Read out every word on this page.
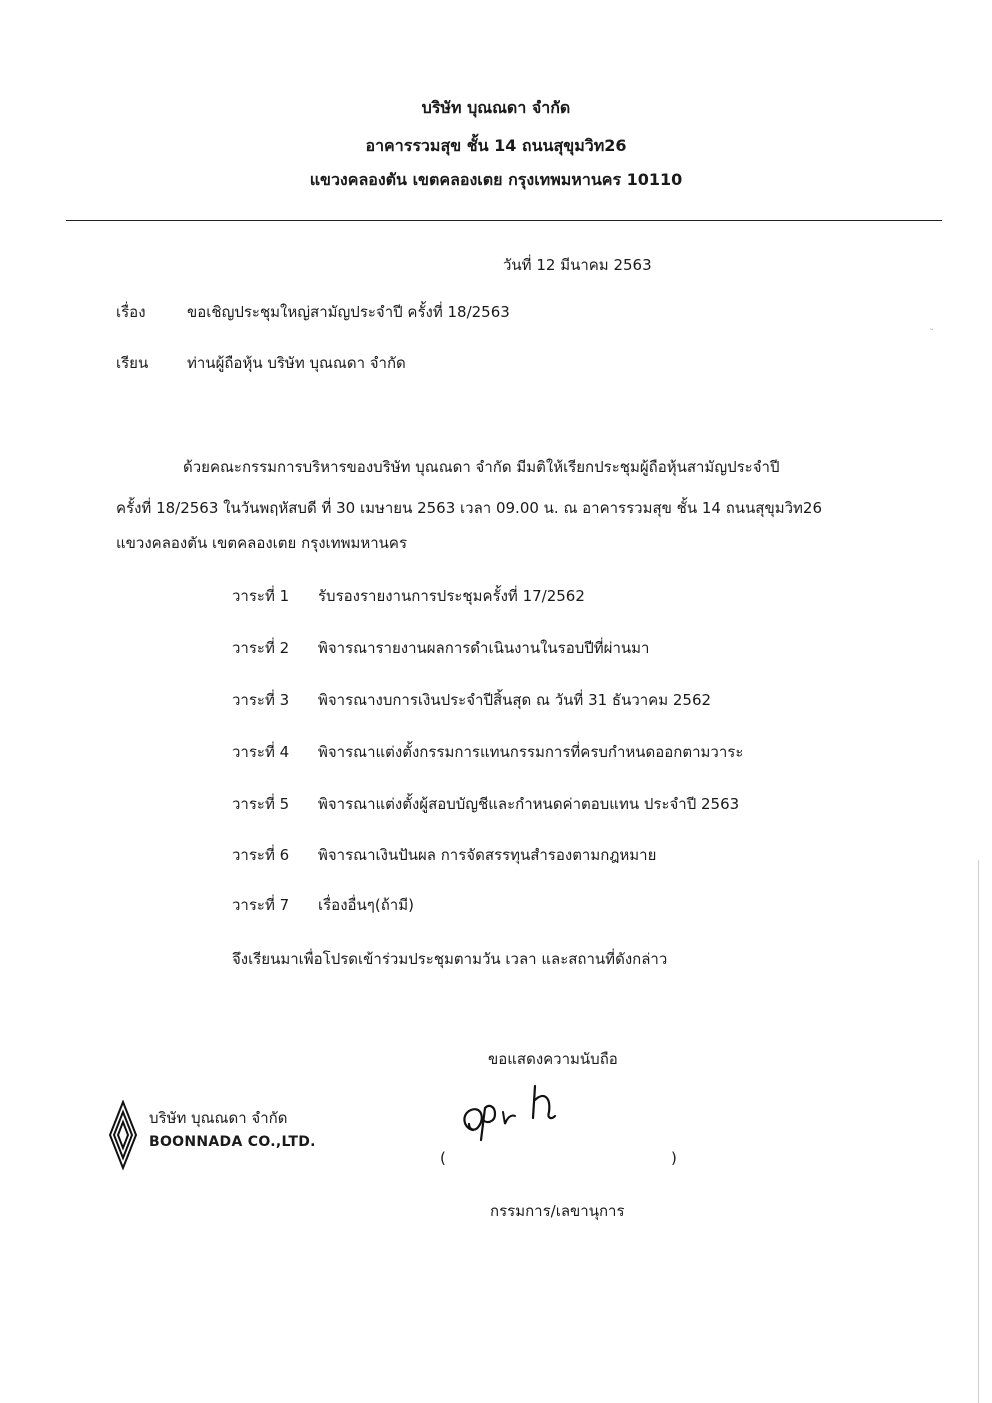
บริษัท บุณณดา จำกัด
อาคารรวมสุข ชั้น 14 ถนนสุขุมวิท26
แขวงคลองตัน เขตคลองเตย กรุงเทพมหานคร 10110
วันที่ 12 มีนาคม 2563
เรื่อง	ขอเชิญประชุมใหญ่สามัญประจำปี ครั้งที่ 18/2563
เรียน	ท่านผู้ถือหุ้น บริษัท บุณณดา จำกัด
ด้วยคณะกรรมการบริหารของบริษัท บุณณดา จำกัด มีมติให้เรียกประชุมผู้ถือหุ้นสามัญประจำปี
ครั้งที่ 18/2563 ในวันพฤหัสบดี ที่ 30 เมษายน 2563 เวลา 09.00 น. ณ อาคารรวมสุข ชั้น 14 ถนนสุขุมวิท26
แขวงคลองตัน เขตคลองเตย กรุงเทพมหานคร
วาระที่ 1 รับรองรายงานการประชุมครั้งที่ 17/2562
วาระที่ 2 พิจารณารายงานผลการดำเนินงานในรอบปีที่ผ่านมา
วาระที่ 3 พิจารณางบการเงินประจำปีสิ้นสุด ณ วันที่ 31 ธันวาคม 2562
วาระที่ 4 พิจารณาแต่งตั้งกรรมการแทนกรรมการที่ครบกำหนดออกตามวาระ
วาระที่ 5 พิจารณาแต่งตั้งผู้สอบบัญชีและกำหนดค่าตอบแทน ประจำปี 2563
วาระที่ 6 พิจารณาเงินปันผล การจัดสรรทุนสำรองตามกฎหมาย
วาระที่ 7 เรื่องอื่นๆ(ถ้ามี)
จึงเรียนมาเพื่อโปรดเข้าร่วมประชุมตามวัน เวลา และสถานที่ดังกล่าว
ขอแสดงความนับถือ
(	)
กรรมการ/เลขานุการ
บริษัท บุณณดา จำกัด
BOONNADA CO.,LTD.
ᵕ
